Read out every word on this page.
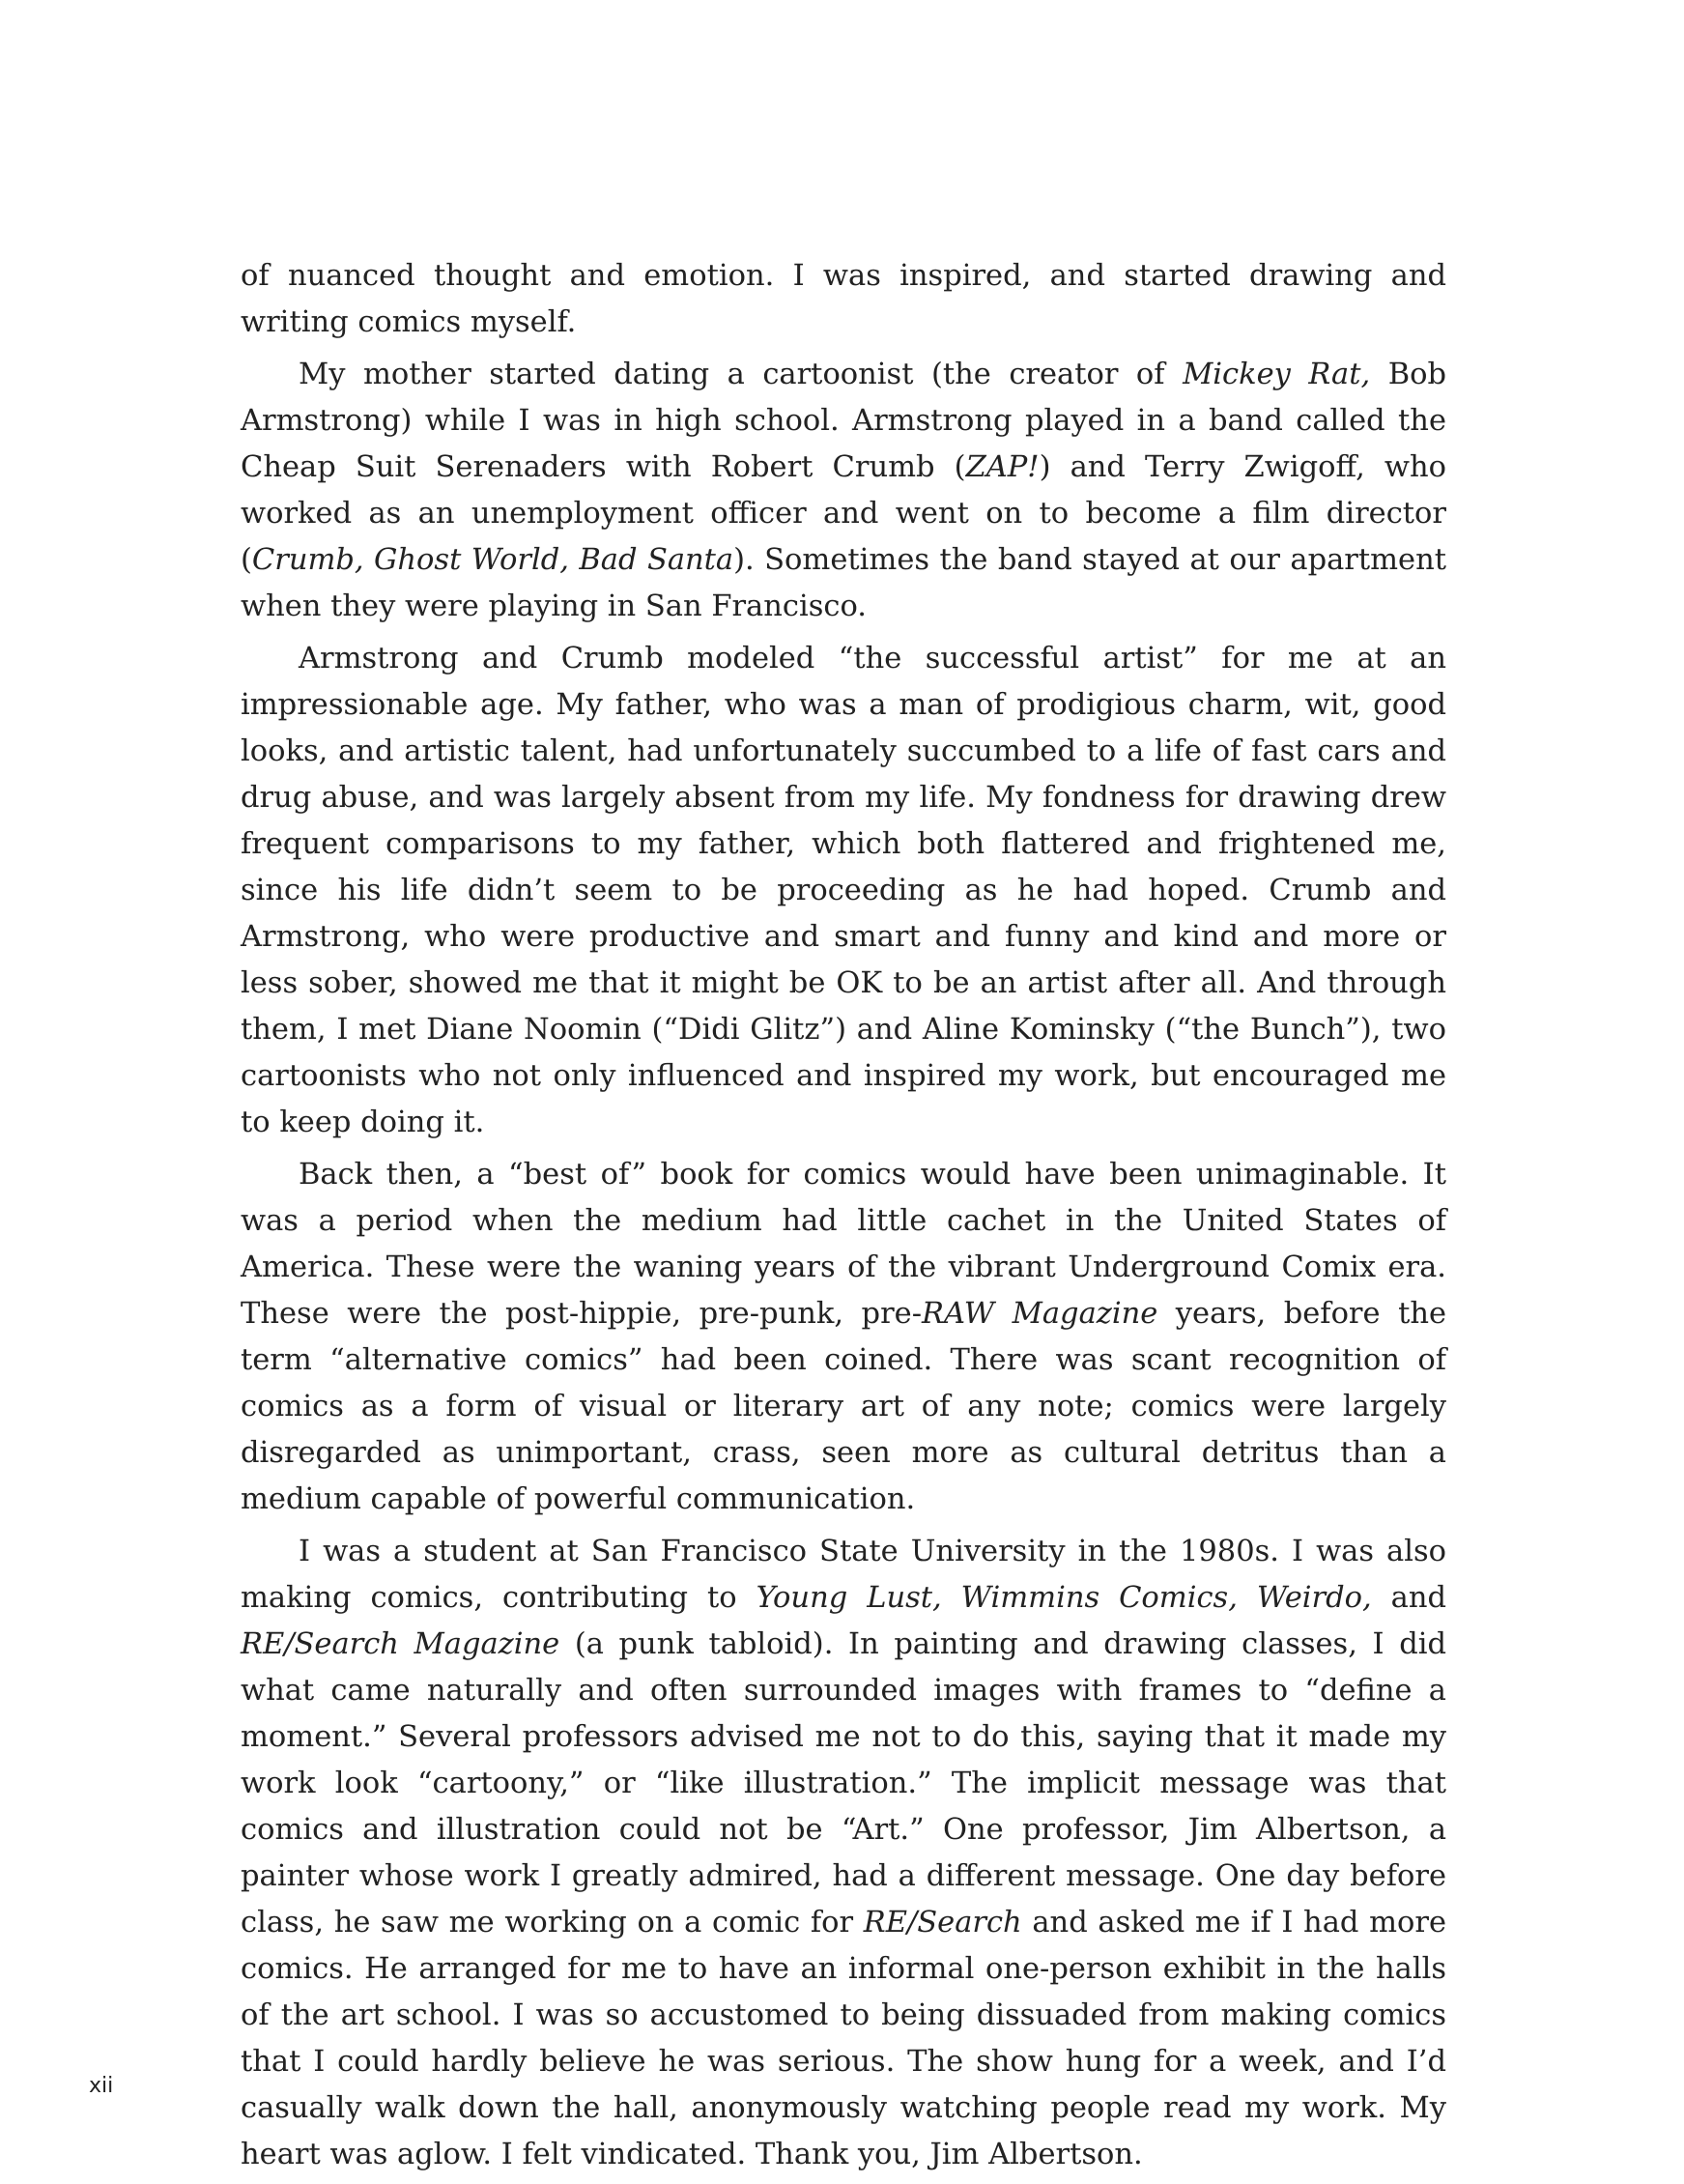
of nuanced thought and emotion. I was inspired, and started drawing and writing comics myself.

My mother started dating a cartoonist (the creator of Mickey Rat, Bob Armstrong) while I was in high school. Armstrong played in a band called the Cheap Suit Serenaders with Robert Crumb (ZAP!) and Terry Zwigoff, who worked as an unemployment officer and went on to become a film director (Crumb, Ghost World, Bad Santa). Sometimes the band stayed at our apartment when they were playing in San Francisco.

Armstrong and Crumb modeled “the successful artist” for me at an impressionable age. My father, who was a man of prodigious charm, wit, good looks, and artistic talent, had unfortunately succumbed to a life of fast cars and drug abuse, and was largely absent from my life. My fondness for drawing drew frequent comparisons to my father, which both flattered and frightened me, since his life didn’t seem to be proceeding as he had hoped. Crumb and Armstrong, who were productive and smart and funny and kind and more or less sober, showed me that it might be OK to be an artist after all. And through them, I met Diane Noomin (“Didi Glitz”) and Aline Kominsky (“the Bunch”), two cartoonists who not only influenced and inspired my work, but encouraged me to keep doing it.

Back then, a “best of” book for comics would have been unimaginable. It was a period when the medium had little cachet in the United States of America. These were the waning years of the vibrant Underground Comix era. These were the post-hippie, pre-punk, pre-RAW Magazine years, before the term “alternative comics” had been coined. There was scant recognition of comics as a form of visual or literary art of any note; comics were largely disregarded as unimportant, crass, seen more as cultural detritus than a medium capable of powerful communication.

I was a student at San Francisco State University in the 1980s. I was also making comics, contributing to Young Lust, Wimmins Comics, Weirdo, and RE/Search Magazine (a punk tabloid). In painting and drawing classes, I did what came naturally and often surrounded images with frames to “define a moment.” Several professors advised me not to do this, saying that it made my work look “cartoony,” or “like illustration.” The implicit message was that comics and illustration could not be “Art.” One professor, Jim Albertson, a painter whose work I greatly admired, had a different message. One day before class, he saw me working on a comic for RE/Search and asked me if I had more comics. He arranged for me to have an informal one-person exhibit in the halls of the art school. I was so accustomed to being dissuaded from making comics that I could hardly believe he was serious. The show hung for a week, and I’d casually walk down the hall, anonymously watching people read my work. My heart was aglow. I felt vindicated. Thank you, Jim Albertson.

xii
